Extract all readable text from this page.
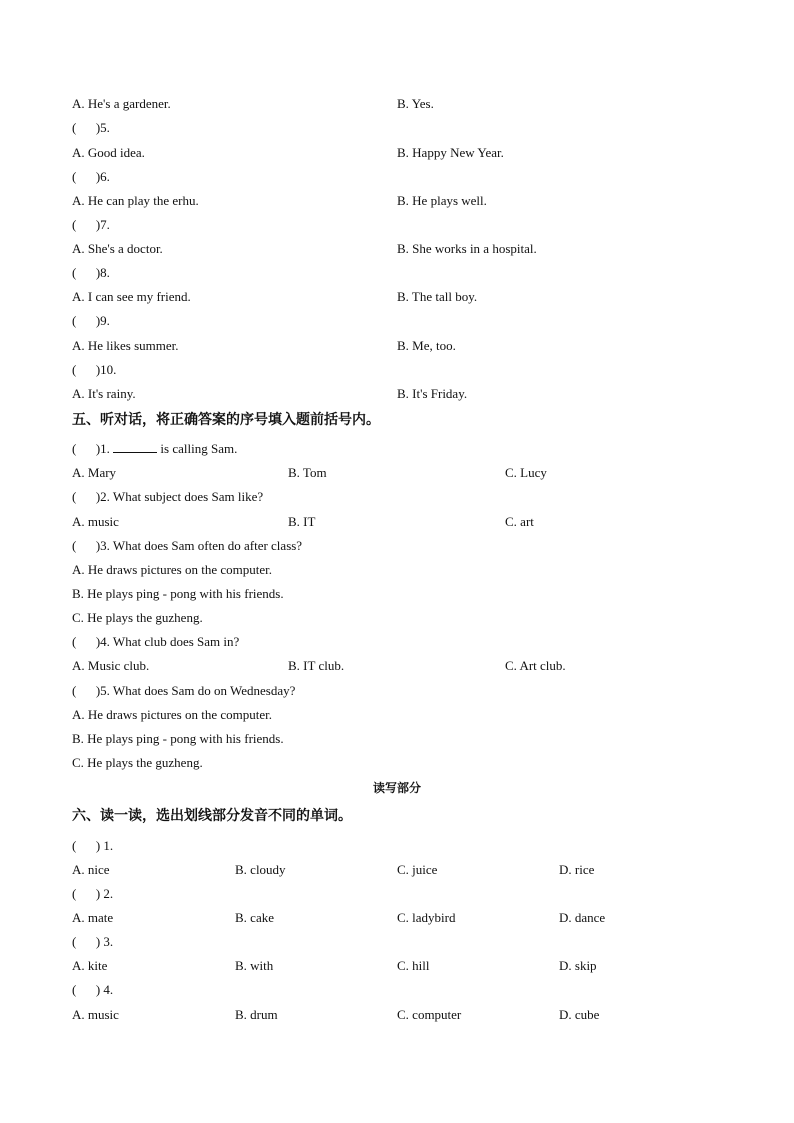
A. He's a gardener.	B. Yes.
(      )5.
A. Good idea.	B. Happy New Year.
(      )6.
A. He can play the erhu.	B. He plays well.
(      )7.
A. She's a doctor.	B. She works in a hospital.
(      )8.
A. I can see my friend.	B. The tall boy.
(      )9.
A. He likes summer.	B. Me, too.
(      )10.
A. It's rainy.	B. It's Friday.
五、听对话，将正确答案的序号填入题前括号内。
(      )1.	is calling Sam.
A. Mary	B. Tom	C. Lucy
(      )2. What subject does Sam like?
A. music	B. IT	C. art
(      )3. What does Sam often do after class?
A. He draws pictures on the computer.
B. He plays ping - pong with his friends.
C. He plays the guzheng.
(      )4. What club does Sam in?
A. Music club.	B. IT club.	C. Art club.
(      )5. What does Sam do on Wednesday?
A. He draws pictures on the computer.
B. He plays ping - pong with his friends.
C. He plays the guzheng.
读写部分
六、读一读，选出划线部分发音不同的单词。
(      ) 1.
A. nice	B. cloudy	C. juice	D. rice
(      ) 2.
A. mate	B. cake	C. ladybird	D. dance
(      ) 3.
A. kite	B. with	C. hill	D. skip
(      ) 4.
A. music	B. drum	C. computer	D. cube
